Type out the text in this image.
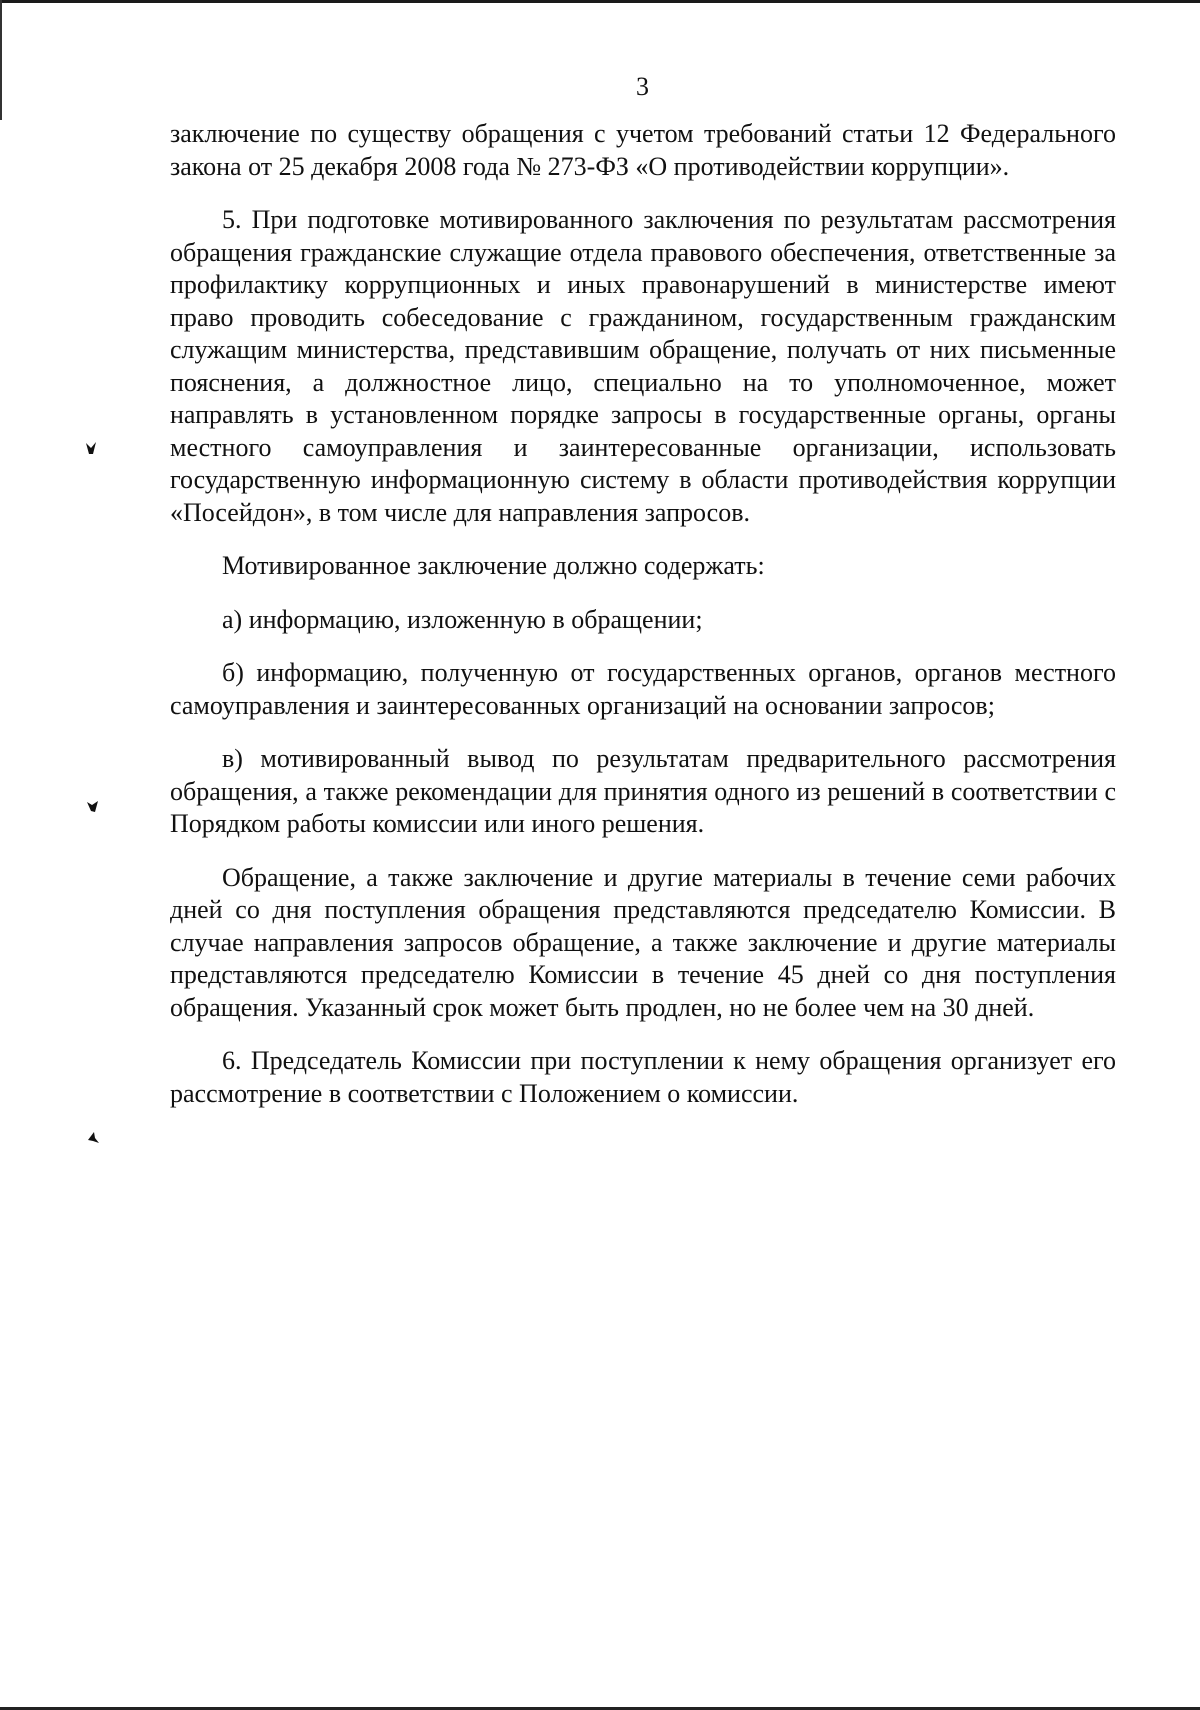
3

заключение по существу обращения с учетом требований статьи 12 Федерального закона от 25 декабря 2008 года № 273-ФЗ «О противодействии коррупции».

5. При подготовке мотивированного заключения по результатам рассмотрения обращения гражданские служащие отдела правового обеспечения, ответственные за профилактику коррупционных и иных правонарушений в министерстве имеют право проводить собеседование с гражданином, государственным гражданским служащим министерства, представившим обращение, получать от них письменные пояснения, а должностное лицо, специально на то уполномоченное, может направлять в установленном порядке запросы в государственные органы, органы местного самоуправления и заинтересованные организации, использовать государственную информационную систему в области противодействия коррупции «Посейдон», в том числе для направления запросов.

Мотивированное заключение должно содержать:

а) информацию, изложенную в обращении;

б) информацию, полученную от государственных органов, органов местного самоуправления и заинтересованных организаций на основании запросов;

в) мотивированный вывод по результатам предварительного рассмотрения обращения, а также рекомендации для принятия одного из решений в соответствии с Порядком работы комиссии или иного решения.

Обращение, а также заключение и другие материалы в течение семи рабочих дней со дня поступления обращения представляются председателю Комиссии. В случае направления запросов обращение, а также заключение и другие материалы представляются председателю Комиссии в течение 45 дней со дня поступления обращения. Указанный срок может быть продлен, но не более чем на 30 дней.

6. Председатель Комиссии при поступлении к нему обращения организует его рассмотрение в соответствии с Положением о комиссии.
